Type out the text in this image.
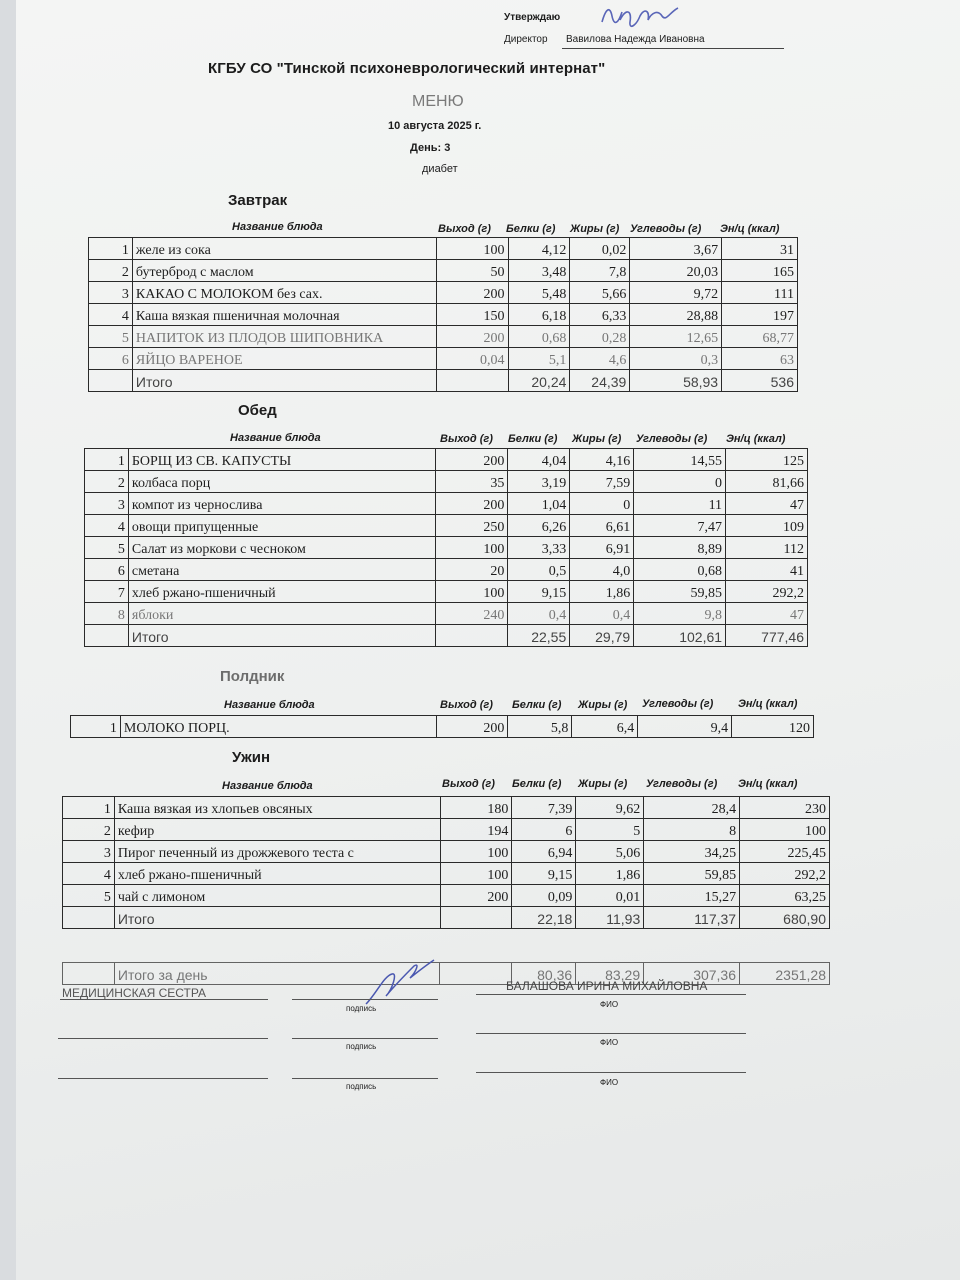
Утверждаю
Директор Вавилова Надежда Ивановна
КГБУ СО "Тинской психоневрологический интернат"
МЕНЮ
10 августа 2025 г.
День: 3
диабет
Завтрак
Название блюда	Выход (г) Белки (г) Жиры (г) Углеводы (г) Эн/ц (ккал)
1	желе из сока	100	4,12	0,02	3,67	31
2	бутерброд с маслом	50	3,48	7,8	20,03	165
3	КАКАО С МОЛОКОМ без сах.	200	5,48	5,66	9,72	111
4	Каша вязкая пшеничная молочная	150	6,18	6,33	28,88	197
5	НАПИТОК ИЗ ПЛОДОВ ШИПОВНИКА	200	0,68	0,28	12,65	68,77
6	ЯЙЦО ВАРЕНОЕ	0,04	5,1	4,6	0,3	63
	Итого		20,24	24,39	58,93	536
Обед
Название блюда	Выход (г) Белки (г) Жиры (г) Углеводы (г) Эн/ц (ккал)
1	БОРЩ ИЗ СВ. КАПУСТЫ	200	4,04	4,16	14,55	125
2	колбаса порц	35	3,19	7,59	0	81,66
3	компот из чернослива	200	1,04	0	11	47
4	овощи припущенные	250	6,26	6,61	7,47	109
5	Салат из моркови с чесноком	100	3,33	6,91	8,89	112
6	сметана	20	0,5	4,0	0,68	41
7	хлеб ржано-пшеничный	100	9,15	1,86	59,85	292,2
8	яблоки	240	0,4	0,4	9,8	47
	Итого		22,55	29,79	102,61	777,46
Полдник
Название блюда	Выход (г) Белки (г) Жиры (г) Углеводы (г) Эн/ц (ккал)
1	МОЛОКО ПОРЦ.	200	5,8	6,4	9,4	120
Ужин
Название блюда	Выход (г) Белки (г) Жиры (г) Углеводы (г) Эн/ц (ккал)
1	Каша вязкая из хлопьев овсяных	180	7,39	9,62	28,4	230
2	кефир	194	6	5	8	100
3	Пирог печенный из дрожжевого теста с	100	6,94	5,06	34,25	225,45
4	хлеб ржано-пшеничный	100	9,15	1,86	59,85	292,2
5	чай с лимоном	200	0,09	0,01	15,27	63,25
	Итого		22,18	11,93	117,37	680,90
	Итого за день		80,36	83,29	307,36	2351,28
МЕДИЦИНСКАЯ СЕСТРА
подпись
БАЛАШОВА ИРИНА МИХАЙЛОВНА
ФИО
подпись	ФИО
подпись	ФИО
